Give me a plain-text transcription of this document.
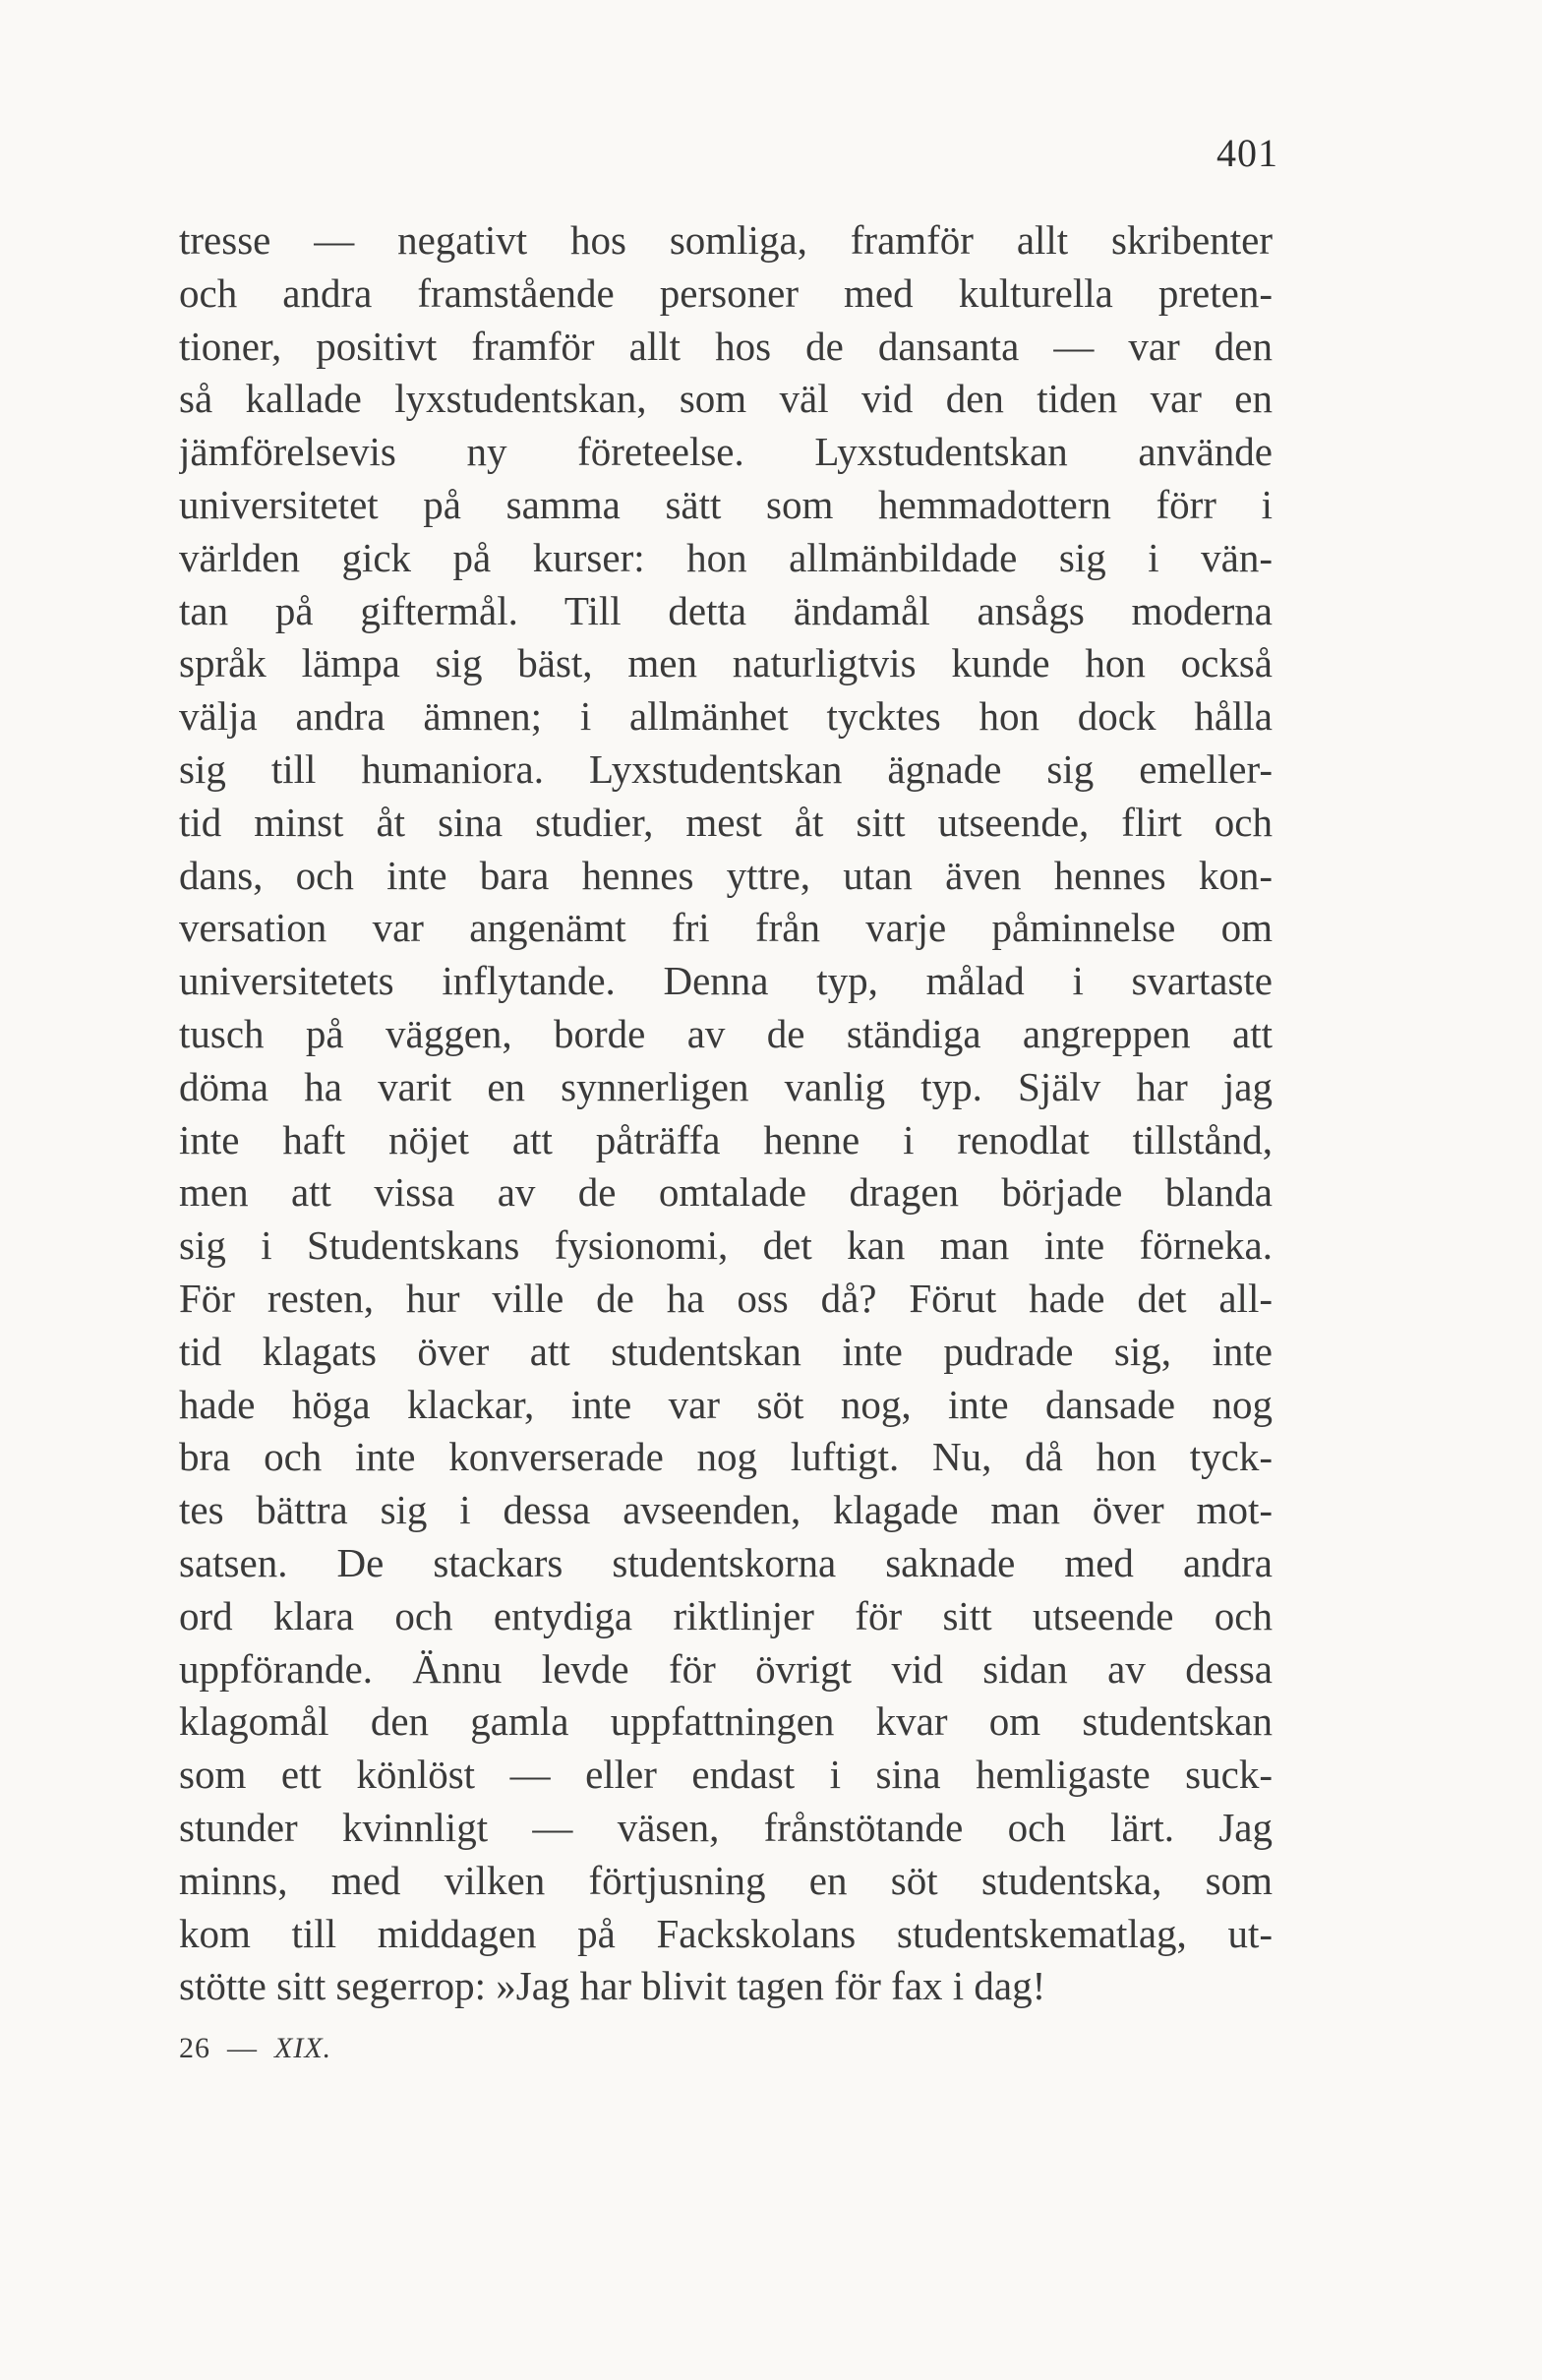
401
tresse — negativt hos somliga, framför allt skribenter
och andra framstående personer med kulturella preten-
tioner, positivt framför allt hos de dansanta — var den
så kallade lyxstudentskan, som väl vid den tiden var en
jämförelsevis ny företeelse. Lyxstudentskan använde
universitetet på samma sätt som hemmadottern förr i
världen gick på kurser: hon allmänbildade sig i vän-
tan på giftermål. Till detta ändamål ansågs moderna
språk lämpa sig bäst, men naturligtvis kunde hon också
välja andra ämnen; i allmänhet tycktes hon dock hålla
sig till humaniora. Lyxstudentskan ägnade sig emeller-
tid minst åt sina studier, mest åt sitt utseende, flirt och
dans, och inte bara hennes yttre, utan även hennes kon-
versation var angenämt fri från varje påminnelse om
universitetets inflytande. Denna typ, målad i svartaste
tusch på väggen, borde av de ständiga angreppen att
döma ha varit en synnerligen vanlig typ. Själv har jag
inte haft nöjet att påträffa henne i renodlat tillstånd,
men att vissa av de omtalade dragen började blanda
sig i Studentskans fysionomi, det kan man inte förneka.
För resten, hur ville de ha oss då? Förut hade det all-
tid klagats över att studentskan inte pudrade sig, inte
hade höga klackar, inte var söt nog, inte dansade nog
bra och inte konverserade nog luftigt. Nu, då hon tyck-
tes bättra sig i dessa avseenden, klagade man över mot-
satsen. De stackars studentskorna saknade med andra
ord klara och entydiga riktlinjer för sitt utseende och
uppförande. Ännu levde för övrigt vid sidan av dessa
klagomål den gamla uppfattningen kvar om studentskan
som ett könlöst — eller endast i sina hemligaste suck-
stunder kvinnligt — väsen, frånstötande och lärt. Jag
minns, med vilken förtjusning en söt studentska, som
kom till middagen på Fackskolans studentskematlag, ut-
stötte sitt segerrop: »Jag har blivit tagen för fax i dag!
26 — XIX.
